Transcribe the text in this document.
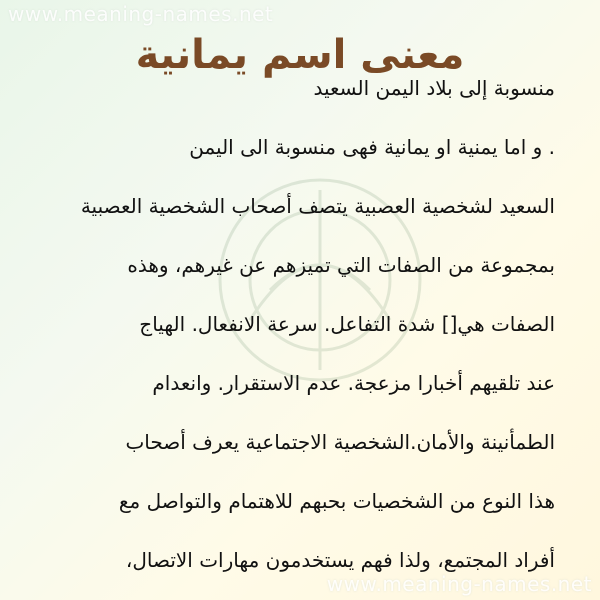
www.meaning-names.net
معنى اسم يمانية
منسوبة إلى بلاد اليمن السعيد
. و اما يمنية او يمانية فهى منسوبة الى اليمن
السعيد لشخصية العصبية يتصف أصحاب الشخصية العصبية
بمجموعة من الصفات التي تميزهم عن غيرهم، وهذه
الصفات هي[] شدة التفاعل. سرعة الانفعال. الهياج
عند تلقيهم أخبارا مزعجة. عدم الاستقرار. وانعدام
الطمأنينة والأمان.الشخصية الاجتماعية يعرف أصحاب
هذا النوع من الشخصيات بحبهم للاهتمام والتواصل مع
أفراد المجتمع، ولذا فهم يستخدمون مهارات الاتصال،
www.meaning-names.net
